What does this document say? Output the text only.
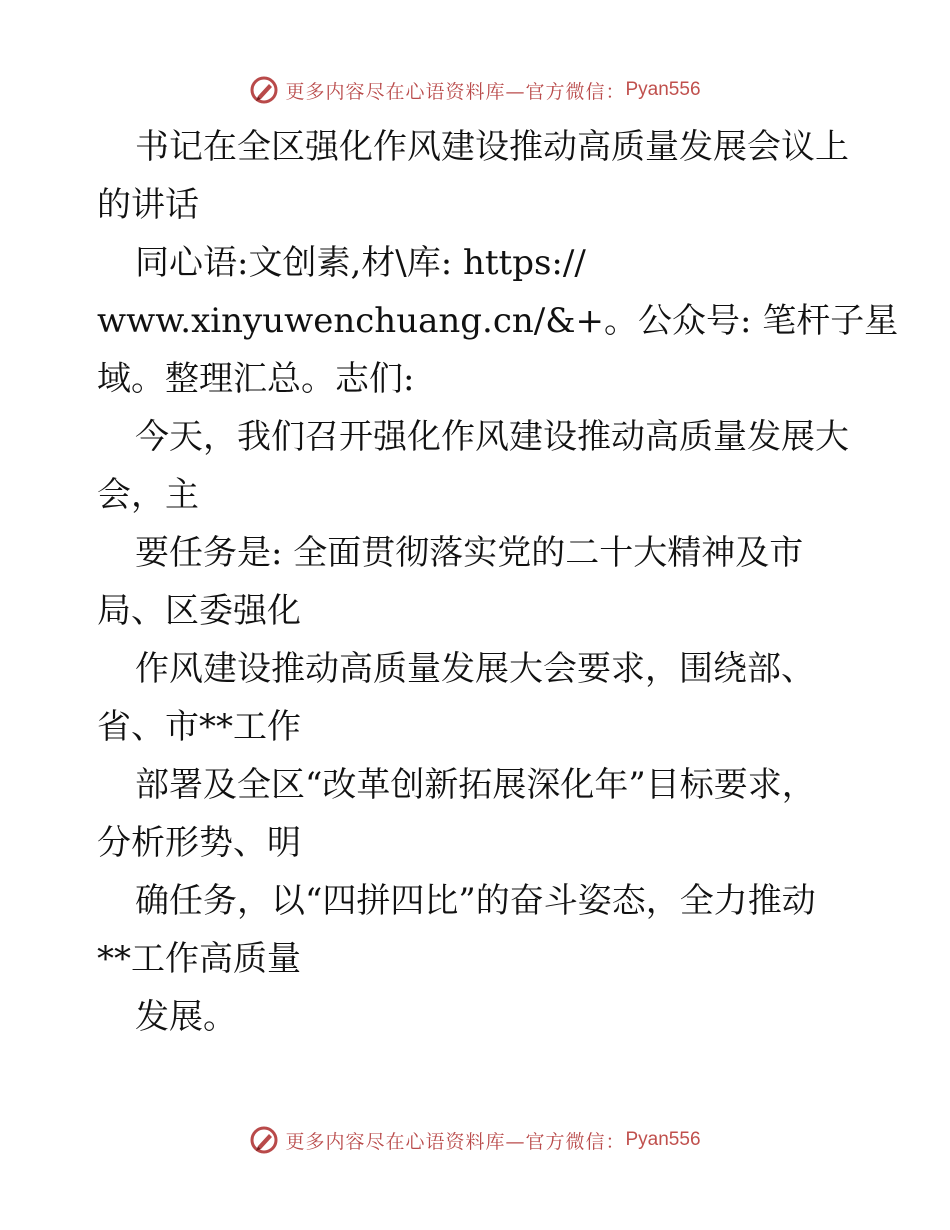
更多内容尽在心语资料库—官方微信： Pyan556
书记在全区强化作风建设推动高质量发展会议上
的讲话
同心语:文创素,材\库: https://
www.xinyuwenchuang.cn/&+。公众号: 笔杆子星
域。整理汇总。志们:
今天，我们召开强化作风建设推动高质量发展大
会，主
要任务是: 全面贯彻落实党的二十大精神及市
局、区委强化
作风建设推动高质量发展大会要求，围绕部、
省、市**工作
部署及全区“改革创新拓展深化年”目标要求，
分析形势、明
确任务，以“四拼四比”的奋斗姿态，全力推动
**工作高质量
发展。
更多内容尽在心语资料库—官方微信： Pyan556
